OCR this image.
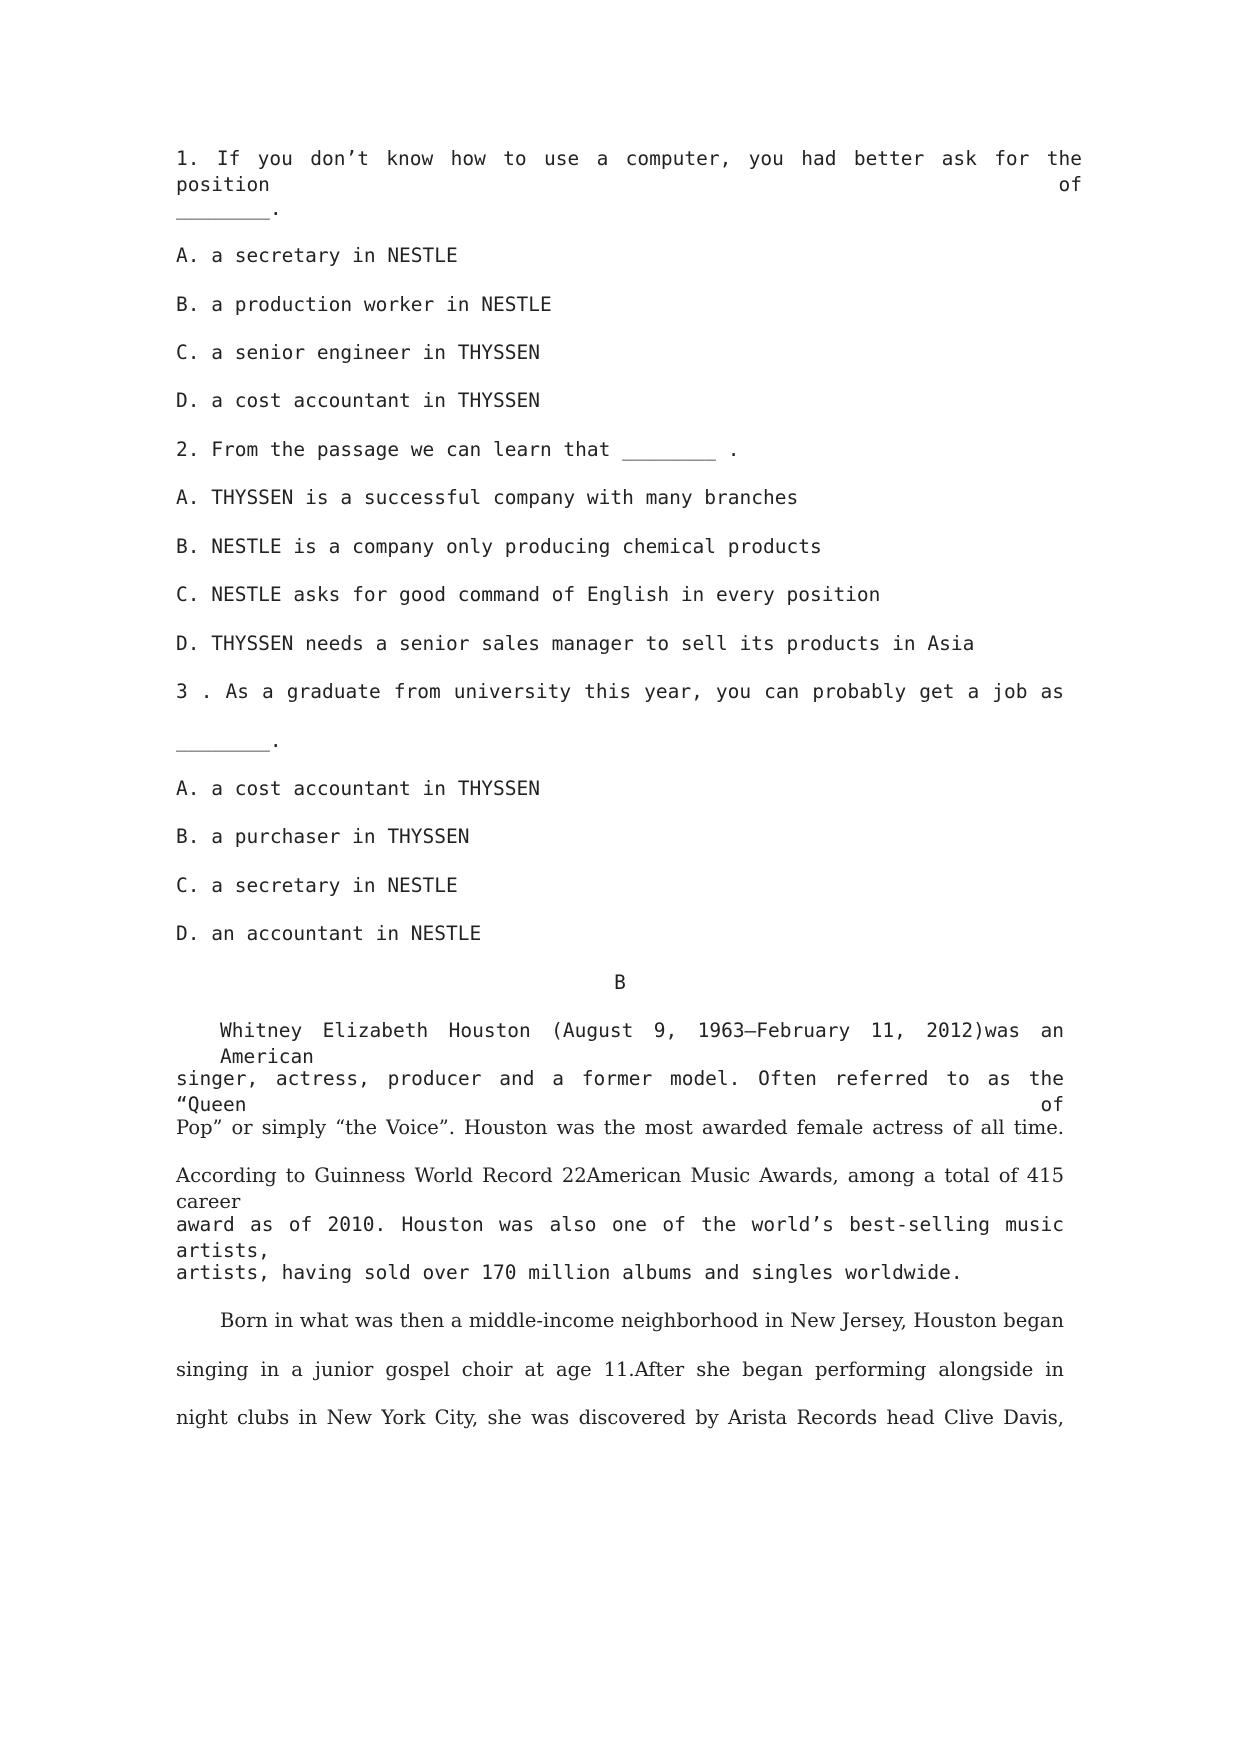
1. If you don’t know how to use a computer, you had better ask for the position of
________.
A. a secretary in NESTLE
B. a production worker in NESTLE
C. a senior engineer in THYSSEN
D. a cost accountant in THYSSEN
2. From the passage we can learn that ________ .
A. THYSSEN is a successful company with many branches
B. NESTLE is a company only producing chemical products
C. NESTLE asks for good command of English in every position
D. THYSSEN needs a senior sales manager to sell its products in Asia
3 . As a graduate from university this year, you can probably get a job as
________.
A. a cost accountant in THYSSEN
B. a purchaser in THYSSEN
C. a secretary in NESTLE
D. an accountant in NESTLE
B
Whitney Elizabeth Houston (August 9, 1963—February 11, 2012)was an American
singer, actress, producer and a former model. Often referred to as the “Queen of
Pop” or simply “the Voice”. Houston was the most awarded female actress of all time.
According to Guinness World Record 22American Music Awards, among a total of 415 career
award as of 2010. Houston was also one of the world’s best-selling music artists,
artists, having sold over 170 million albums and singles worldwide.
Born in what was then a middle-income neighborhood in New Jersey, Houston began
singing in a junior gospel choir at age 11.After she began performing alongside in
night clubs in New York City, she was discovered by Arista Records head Clive Davis,
